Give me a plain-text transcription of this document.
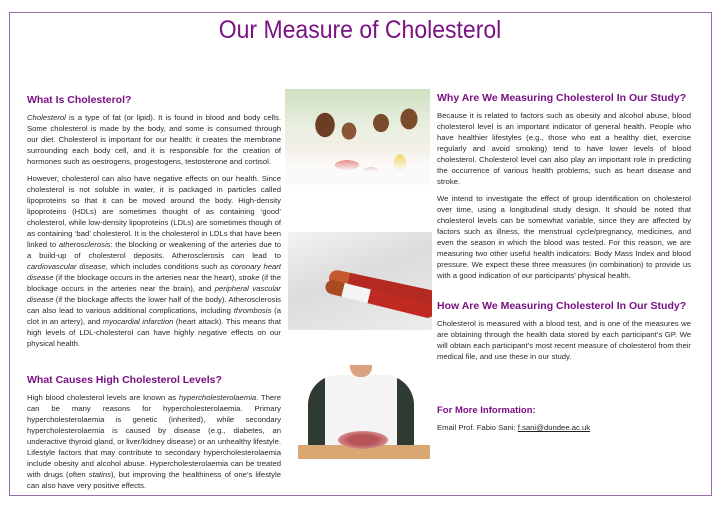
Our Measure of Cholesterol
What Is Cholesterol?

Cholesterol is a type of fat (or lipid). It is found in blood and body cells. Some cholesterol is made by the body, and some is consumed through our diet. Cholesterol is important for our health: it creates the membrane surrounding each body cell, and it is responsible for the creation of hormones such as oestrogens, progestogens, testosterone and cortisol.

However, cholesterol can also have negative effects on our health. Since cholesterol is not soluble in water, it is packaged in particles called lipoproteins so that it can be moved around the body. High-density lipoproteins (HDLs) are sometimes thought of as containing ‘good’ cholesterol, while low-density lipoproteins (LDLs) are sometimes though of as containing ‘bad’ cholesterol. It is the cholesterol in LDLs that have been linked to atherosclerosis: the blocking or weakening of the arteries due to a build-up of cholesterol deposits. Atherosclerosis can lead to cardiovascular disease, which includes conditions such as coronary heart disease (if the blockage occurs in the arteries near the heart), stroke (if the blockage occurs in the arteries near the brain), and peripheral vascular disease (if the blockage affects the lower half of the body). Atherosclerosis can also lead to various additional complications, including thrombosis (a clot in an artery), and myocardial infarction (heart attack). This means that high levels of LDL-cholesterol can have highly negative effects on our physical health.

What Causes High Cholesterol Levels?

High blood cholesterol levels are known as hypercholesterolaemia. There can be many reasons for hypercholesterolaemia. Primary hypercholesterolaemia is genetic (inherited), while secondary hypercholesterolaemia is caused by disease (e.g., diabetes, an underactive thyroid gland, or liver/kidney disease) or an unhealthy lifestyle. Lifestyle factors that may contribute to secondary hypercholesterolaemia include obesity and alcohol abuse. Hypercholesterolaemia can be treated with drugs (often statins), but improving the healthiness of one’s lifestyle can also have very positive effects.

Why Are We Measuring Cholesterol In Our Study?

Because it is related to factors such as obesity and alcohol abuse, blood cholesterol level is an important indicator of general health. People who have healthier lifestyles (e.g., those who eat a healthy diet, exercise regularly and avoid smoking) tend to have lower levels of blood cholesterol. Cholesterol level can also play an important role in predicting the occurrence of various health problems, such as heart disease and stroke.

We intend to investigate the effect of group identification on cholesterol over time, using a longitudinal study design. It should be noted that cholesterol levels can be somewhat variable, since they are affected by factors such as illness, the menstrual cycle/pregnancy, medicines, and even the season in which the blood was tested. For this reason, we are measuring two other useful health indicators: Body Mass Index and blood pressure. We expect these three measures (in combination) to provide us with a good indication of our participants’ physical health.

How Are We Measuring Cholesterol In Our Study?

Cholesterol is measured with a blood test, and is one of the measures we are obtaining through the health data stored by each participant’s GP. We will obtain each participant’s most recent measure of cholesterol from their medical file, and use these in our study.

For More Information:

Email Prof. Fabio Sani: f.sani@dundee.ac.uk
